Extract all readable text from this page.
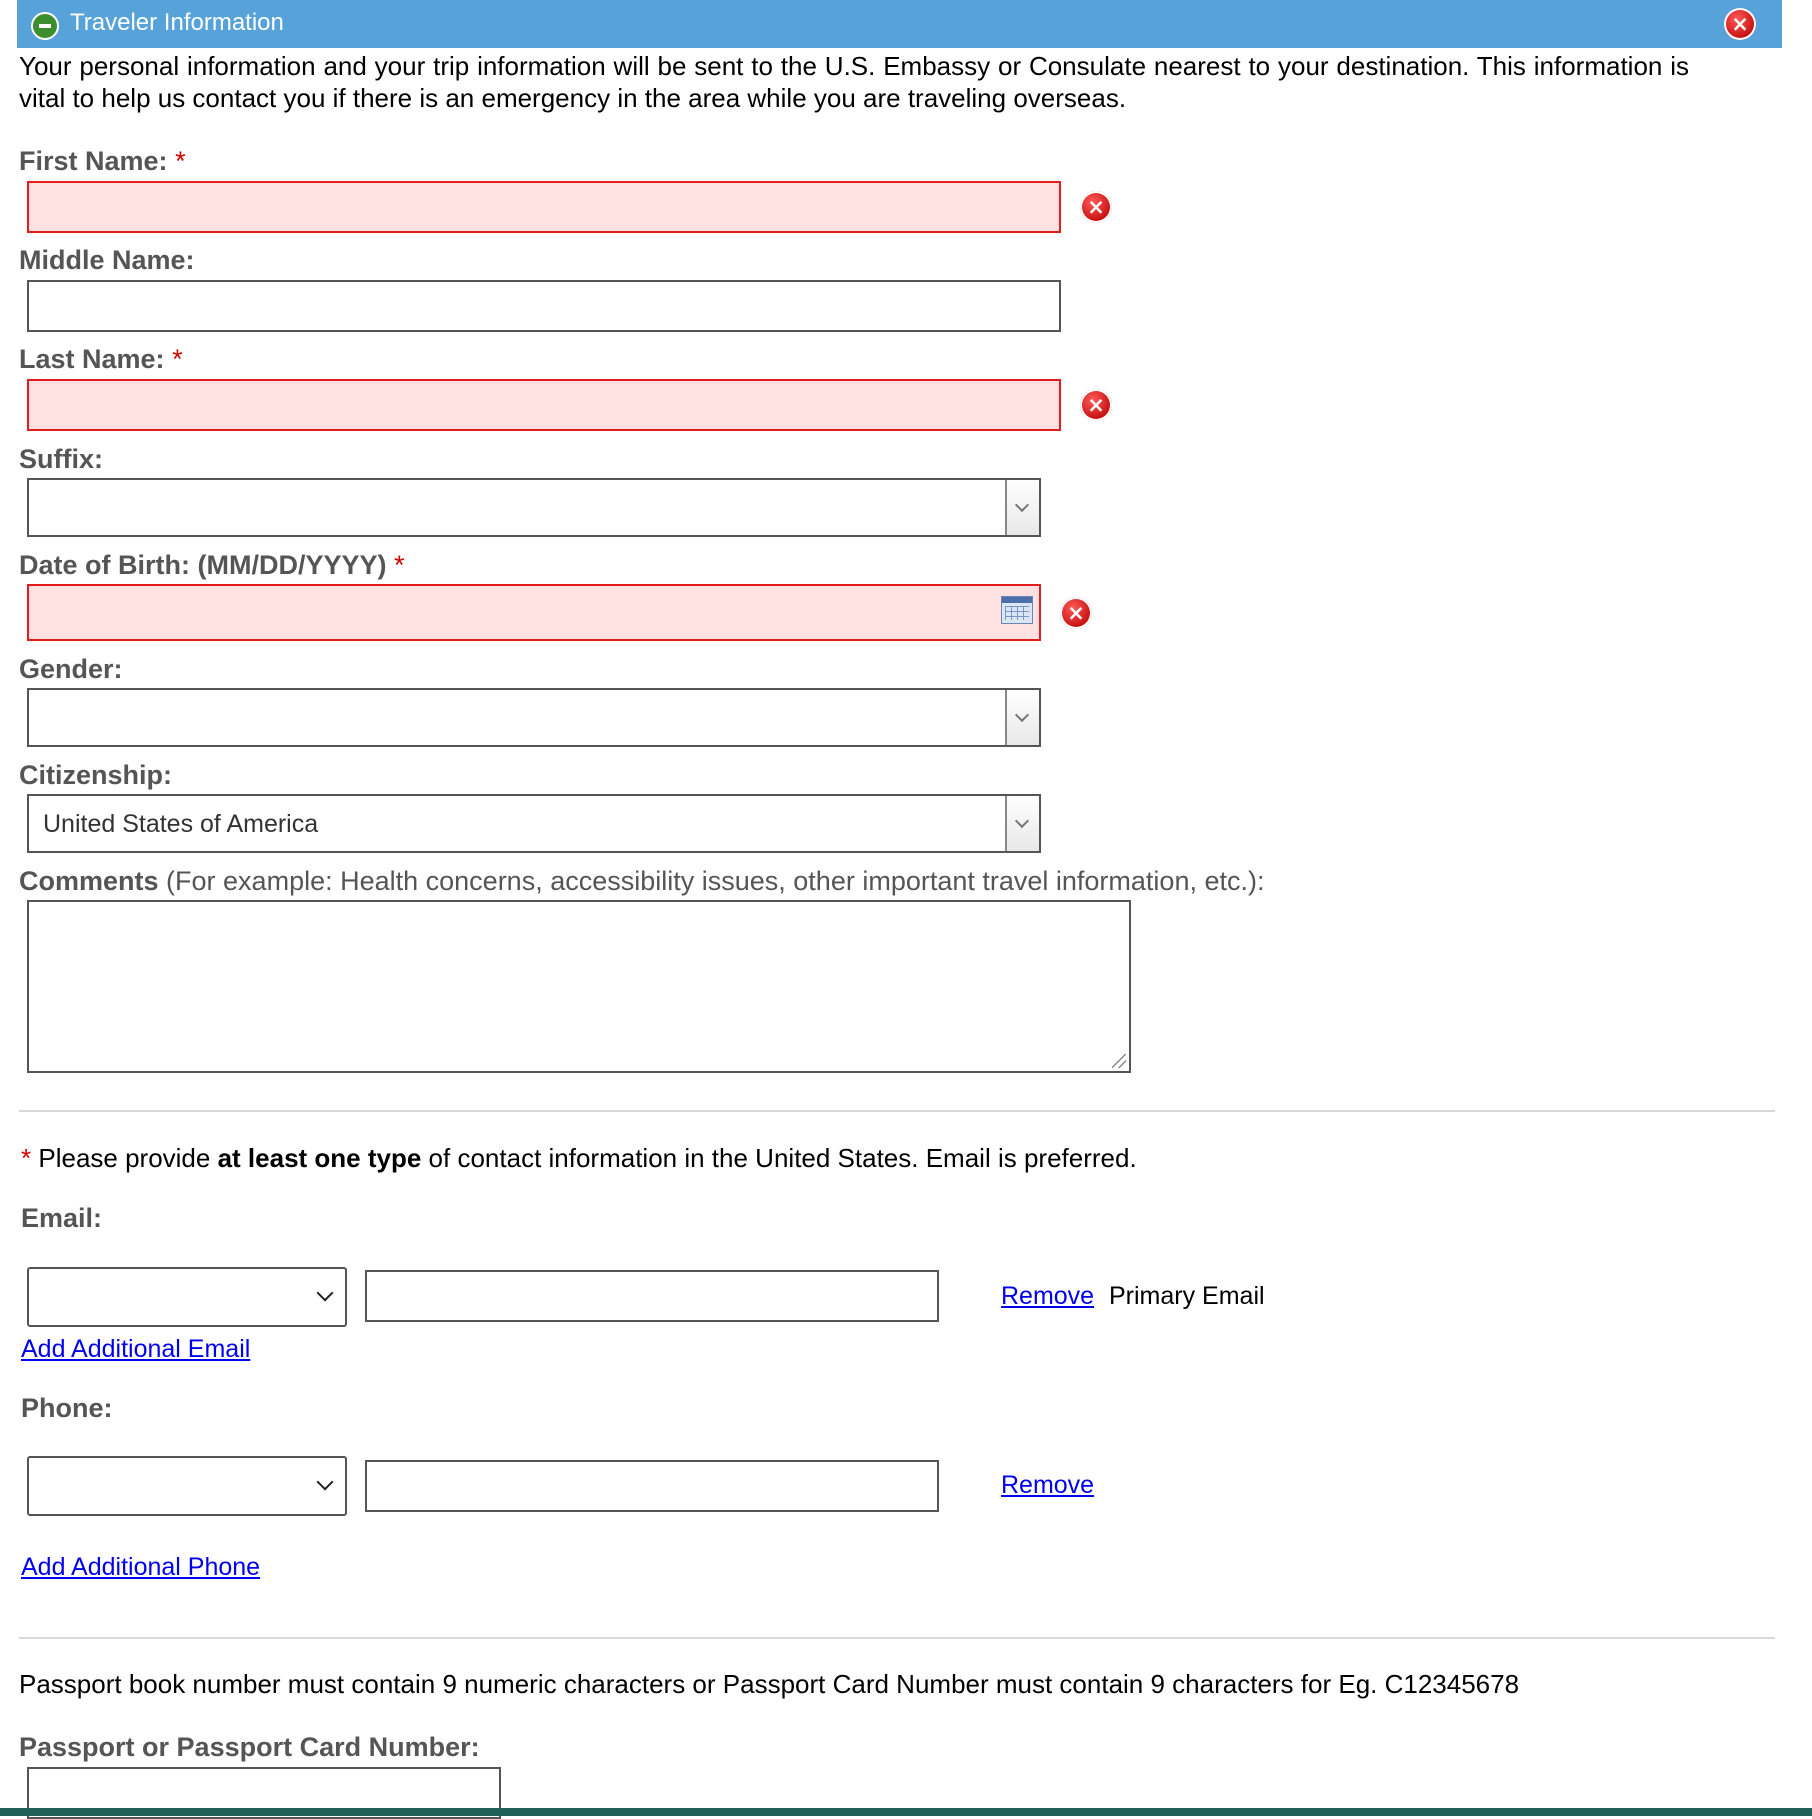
Traveler Information	×
Your personal information and your trip information will be sent to the U.S. Embassy or Consulate nearest to your destination. This information is vital to help us contact you if there is an emergency in the area while you are traveling overseas.
First Name: *
×
Middle Name:
Last Name: *
×
Suffix:
Date of Birth: (MM/DD/YYYY) *
×
Gender:
Citizenship:
United States of America
Comments (For example: Health concerns, accessibility issues, other important travel information, etc.):
* Please provide at least one type of contact information in the United States. Email is preferred.
Email:
Remove Primary Email
Add Additional Email
Phone:
Remove
Add Additional Phone
Passport book number must contain 9 numeric characters or Passport Card Number must contain 9 characters for Eg. C12345678
Passport or Passport Card Number:
